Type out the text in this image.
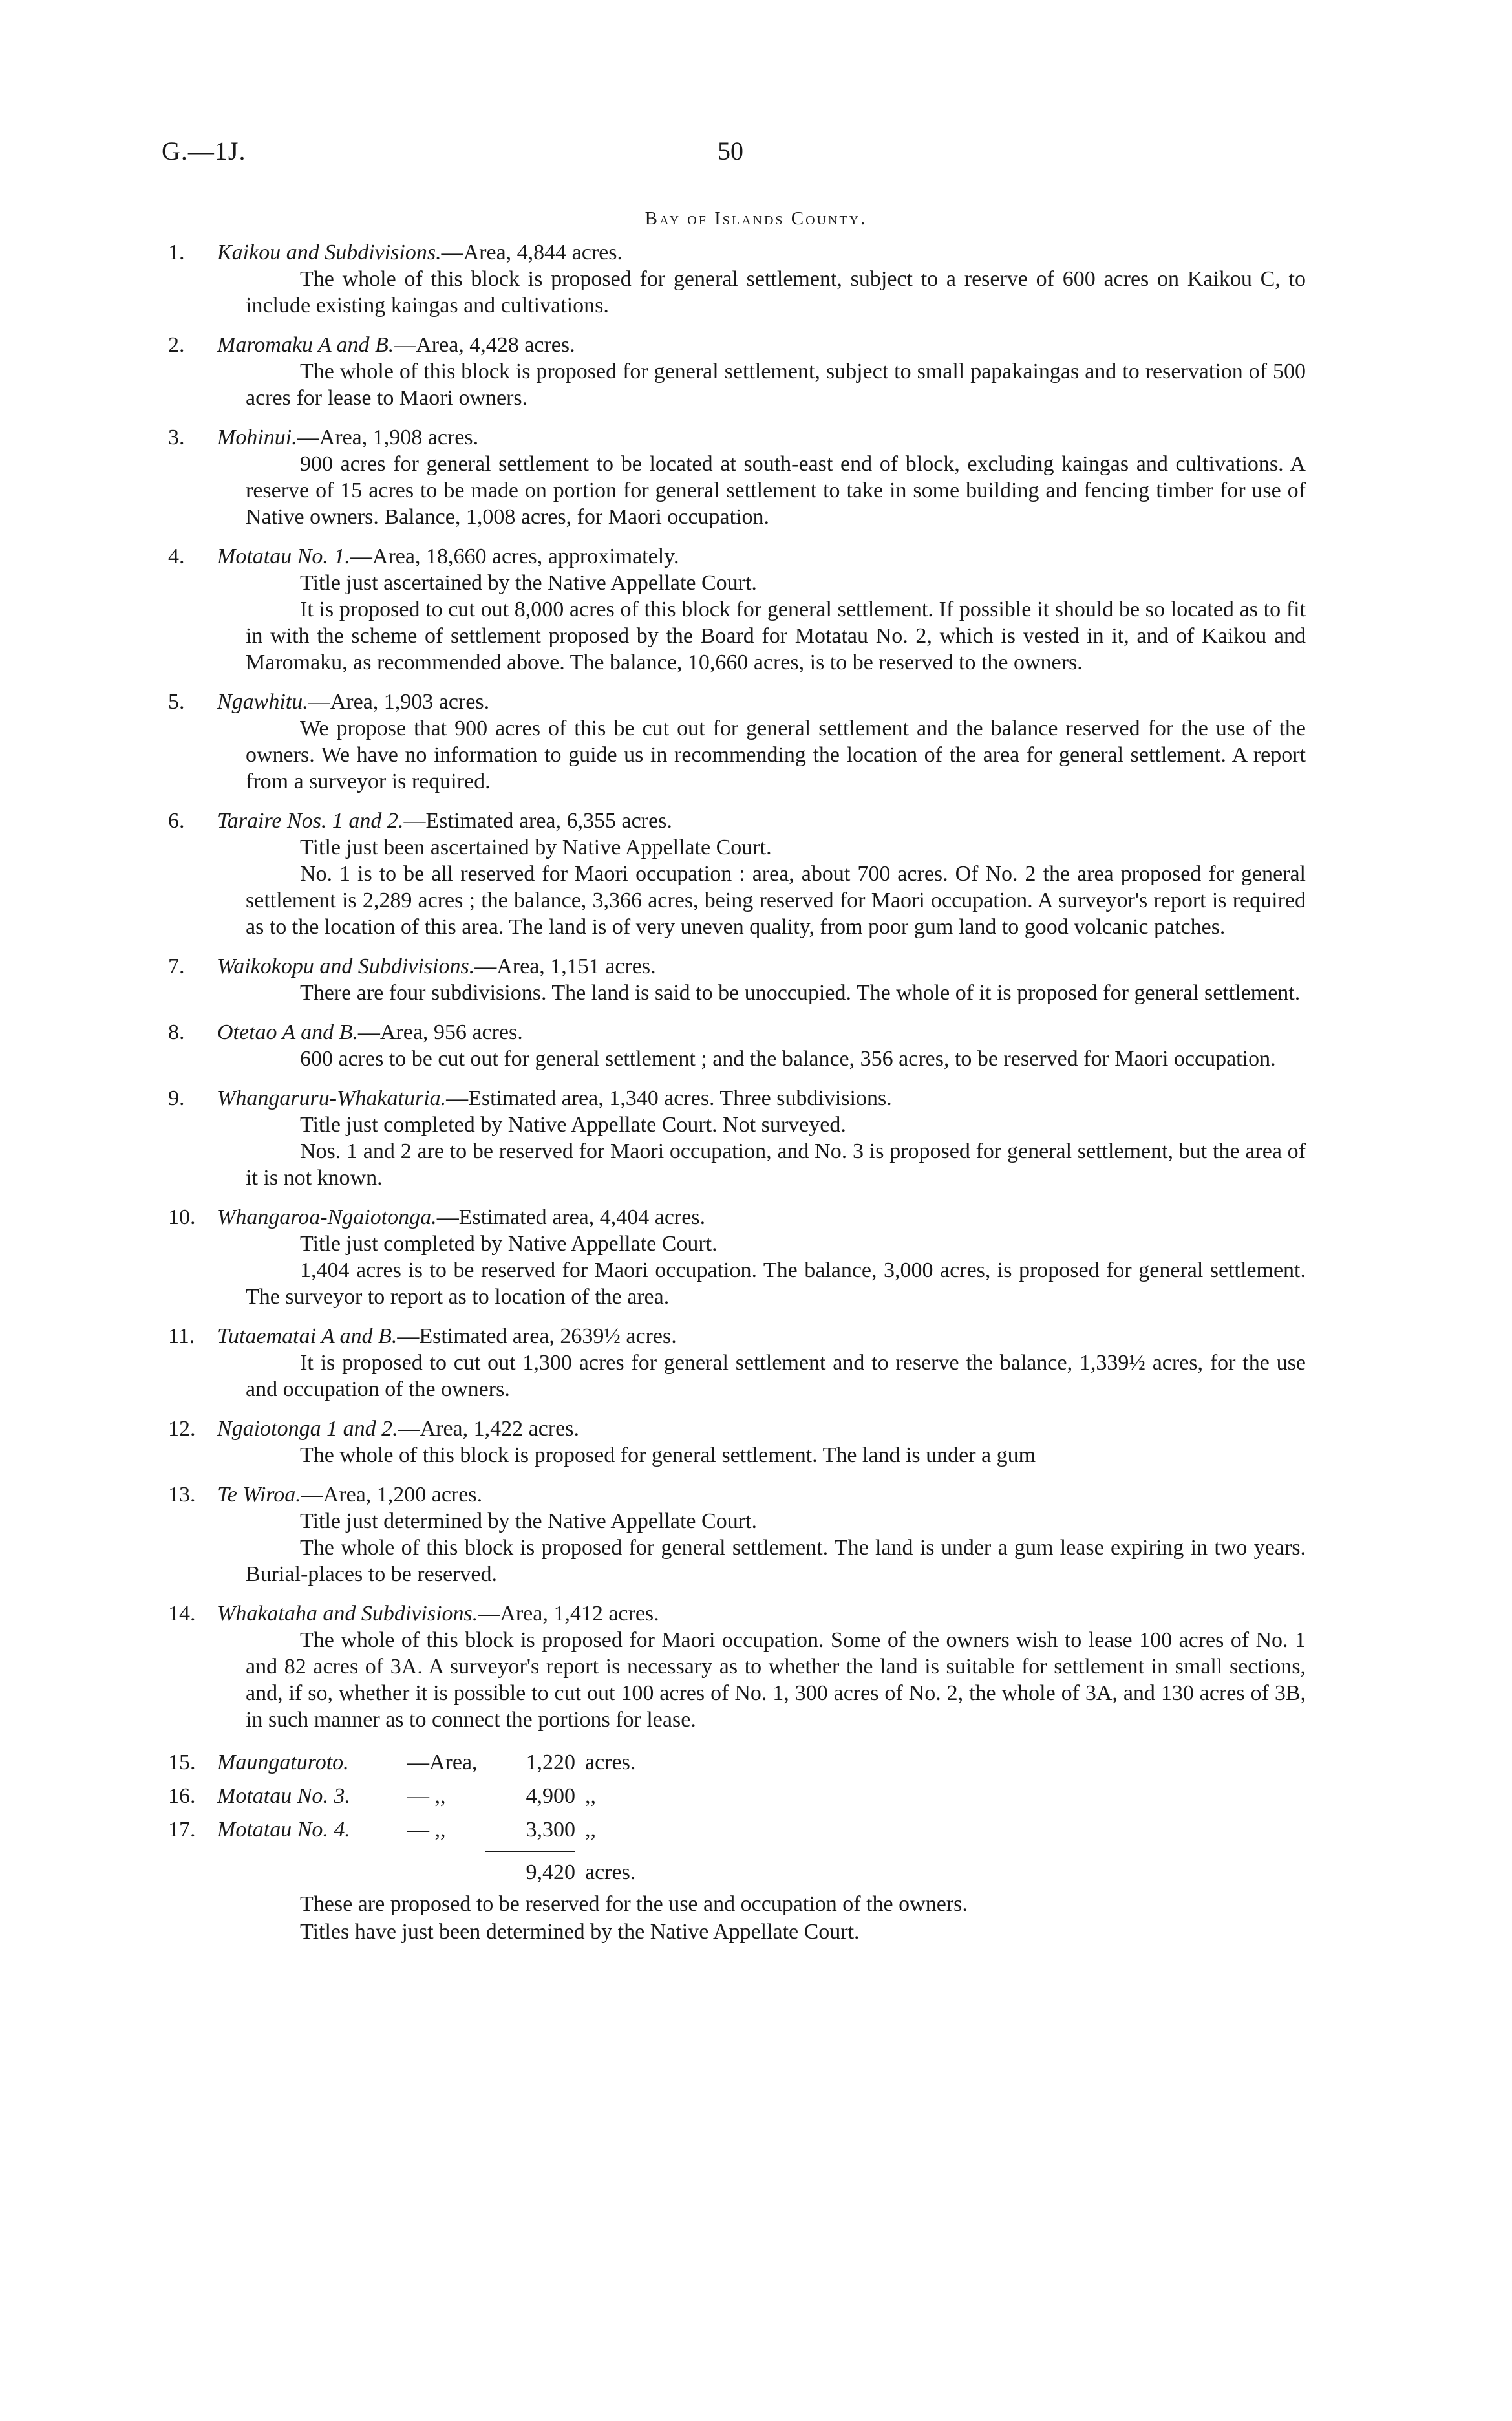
G.—1J.	50
Bay of Islands County.
1. Kaikou and Subdivisions.—Area, 4,844 acres.
The whole of this block is proposed for general settlement, subject to a reserve of 600 acres on Kaikou C, to include existing kaingas and cultivations.
2. Maromaku A and B.—Area, 4,428 acres.
The whole of this block is proposed for general settlement, subject to small papakaingas and to reservation of 500 acres for lease to Maori owners.
3. Mohinui.—Area, 1,908 acres.
900 acres for general settlement to be located at south-east end of block, excluding kaingas and cultivations. A reserve of 15 acres to be made on portion for general settlement to take in some building and fencing timber for use of Native owners. Balance, 1,008 acres, for Maori occupation.
4. Motatau No. 1.—Area, 18,660 acres, approximately.
Title just ascertained by the Native Appellate Court.
It is proposed to cut out 8,000 acres of this block for general settlement. If possible it should be so located as to fit in with the scheme of settlement proposed by the Board for Motatau No. 2, which is vested in it, and of Kaikou and Maromaku, as recommended above. The balance, 10,660 acres, is to be reserved to the owners.
5. Ngawhitu.—Area, 1,903 acres.
We propose that 900 acres of this be cut out for general settlement and the balance reserved for the use of the owners. We have no information to guide us in recommending the location of the area for general settlement. A report from a surveyor is required.
6. Taraire Nos. 1 and 2.—Estimated area, 6,355 acres.
Title just been ascertained by Native Appellate Court.
No. 1 is to be all reserved for Maori occupation : area, about 700 acres. Of No. 2 the area proposed for general settlement is 2,289 acres ; the balance, 3,366 acres, being reserved for Maori occupation. A surveyor's report is required as to the location of this area. The land is of very uneven quality, from poor gum land to good volcanic patches.
7. Waikokopu and Subdivisions.—Area, 1,151 acres.
There are four subdivisions. The land is said to be unoccupied. The whole of it is proposed for general settlement.
8. Otetao A and B.—Area, 956 acres.
600 acres to be cut out for general settlement ; and the balance, 356 acres, to be reserved for Maori occupation.
9. Whangaruru-Whakaturia.—Estimated area, 1,340 acres. Three subdivisions.
Title just completed by Native Appellate Court. Not surveyed.
Nos. 1 and 2 are to be reserved for Maori occupation, and No. 3 is proposed for general settlement, but the area of it is not known.
10. Whangaroa-Ngaiotonga.—Estimated area, 4,404 acres.
Title just completed by Native Appellate Court.
1,404 acres is to be reserved for Maori occupation. The balance, 3,000 acres, is proposed for general settlement. The surveyor to report as to location of the area.
11. Tutaematai A and B.—Estimated area, 2639½ acres.
It is proposed to cut out 1,300 acres for general settlement and to reserve the balance, 1,339½ acres, for the use and occupation of the owners.
12. Ngaiotonga 1 and 2.—Area, 1,422 acres.
The whole of this block is proposed for general settlement. The land is under a gum
13. Te Wiroa.—Area, 1,200 acres.
Title just determined by the Native Appellate Court.
The whole of this block is proposed for general settlement. The land is under a gum lease expiring in two years. Burial-places to be reserved.
14. Whakataha and Subdivisions.—Area, 1,412 acres.
The whole of this block is proposed for Maori occupation. Some of the owners wish to lease 100 acres of No. 1 and 82 acres of 3A. A surveyor's report is necessary as to whether the land is suitable for settlement in small sections, and, if so, whether it is possible to cut out 100 acres of No. 1, 300 acres of No. 2, the whole of 3A, and 130 acres of 3B, in such manner as to connect the portions for lease.
15. Maungaturoto.	—Area,	1,220 acres.
16. Motatau No. 3.	— ,,	4,900 ,,
17. Motatau No. 4.	— ,,	3,300 ,,
9,420 acres.
These are proposed to be reserved for the use and occupation of the owners.
Titles have just been determined by the Native Appellate Court.
